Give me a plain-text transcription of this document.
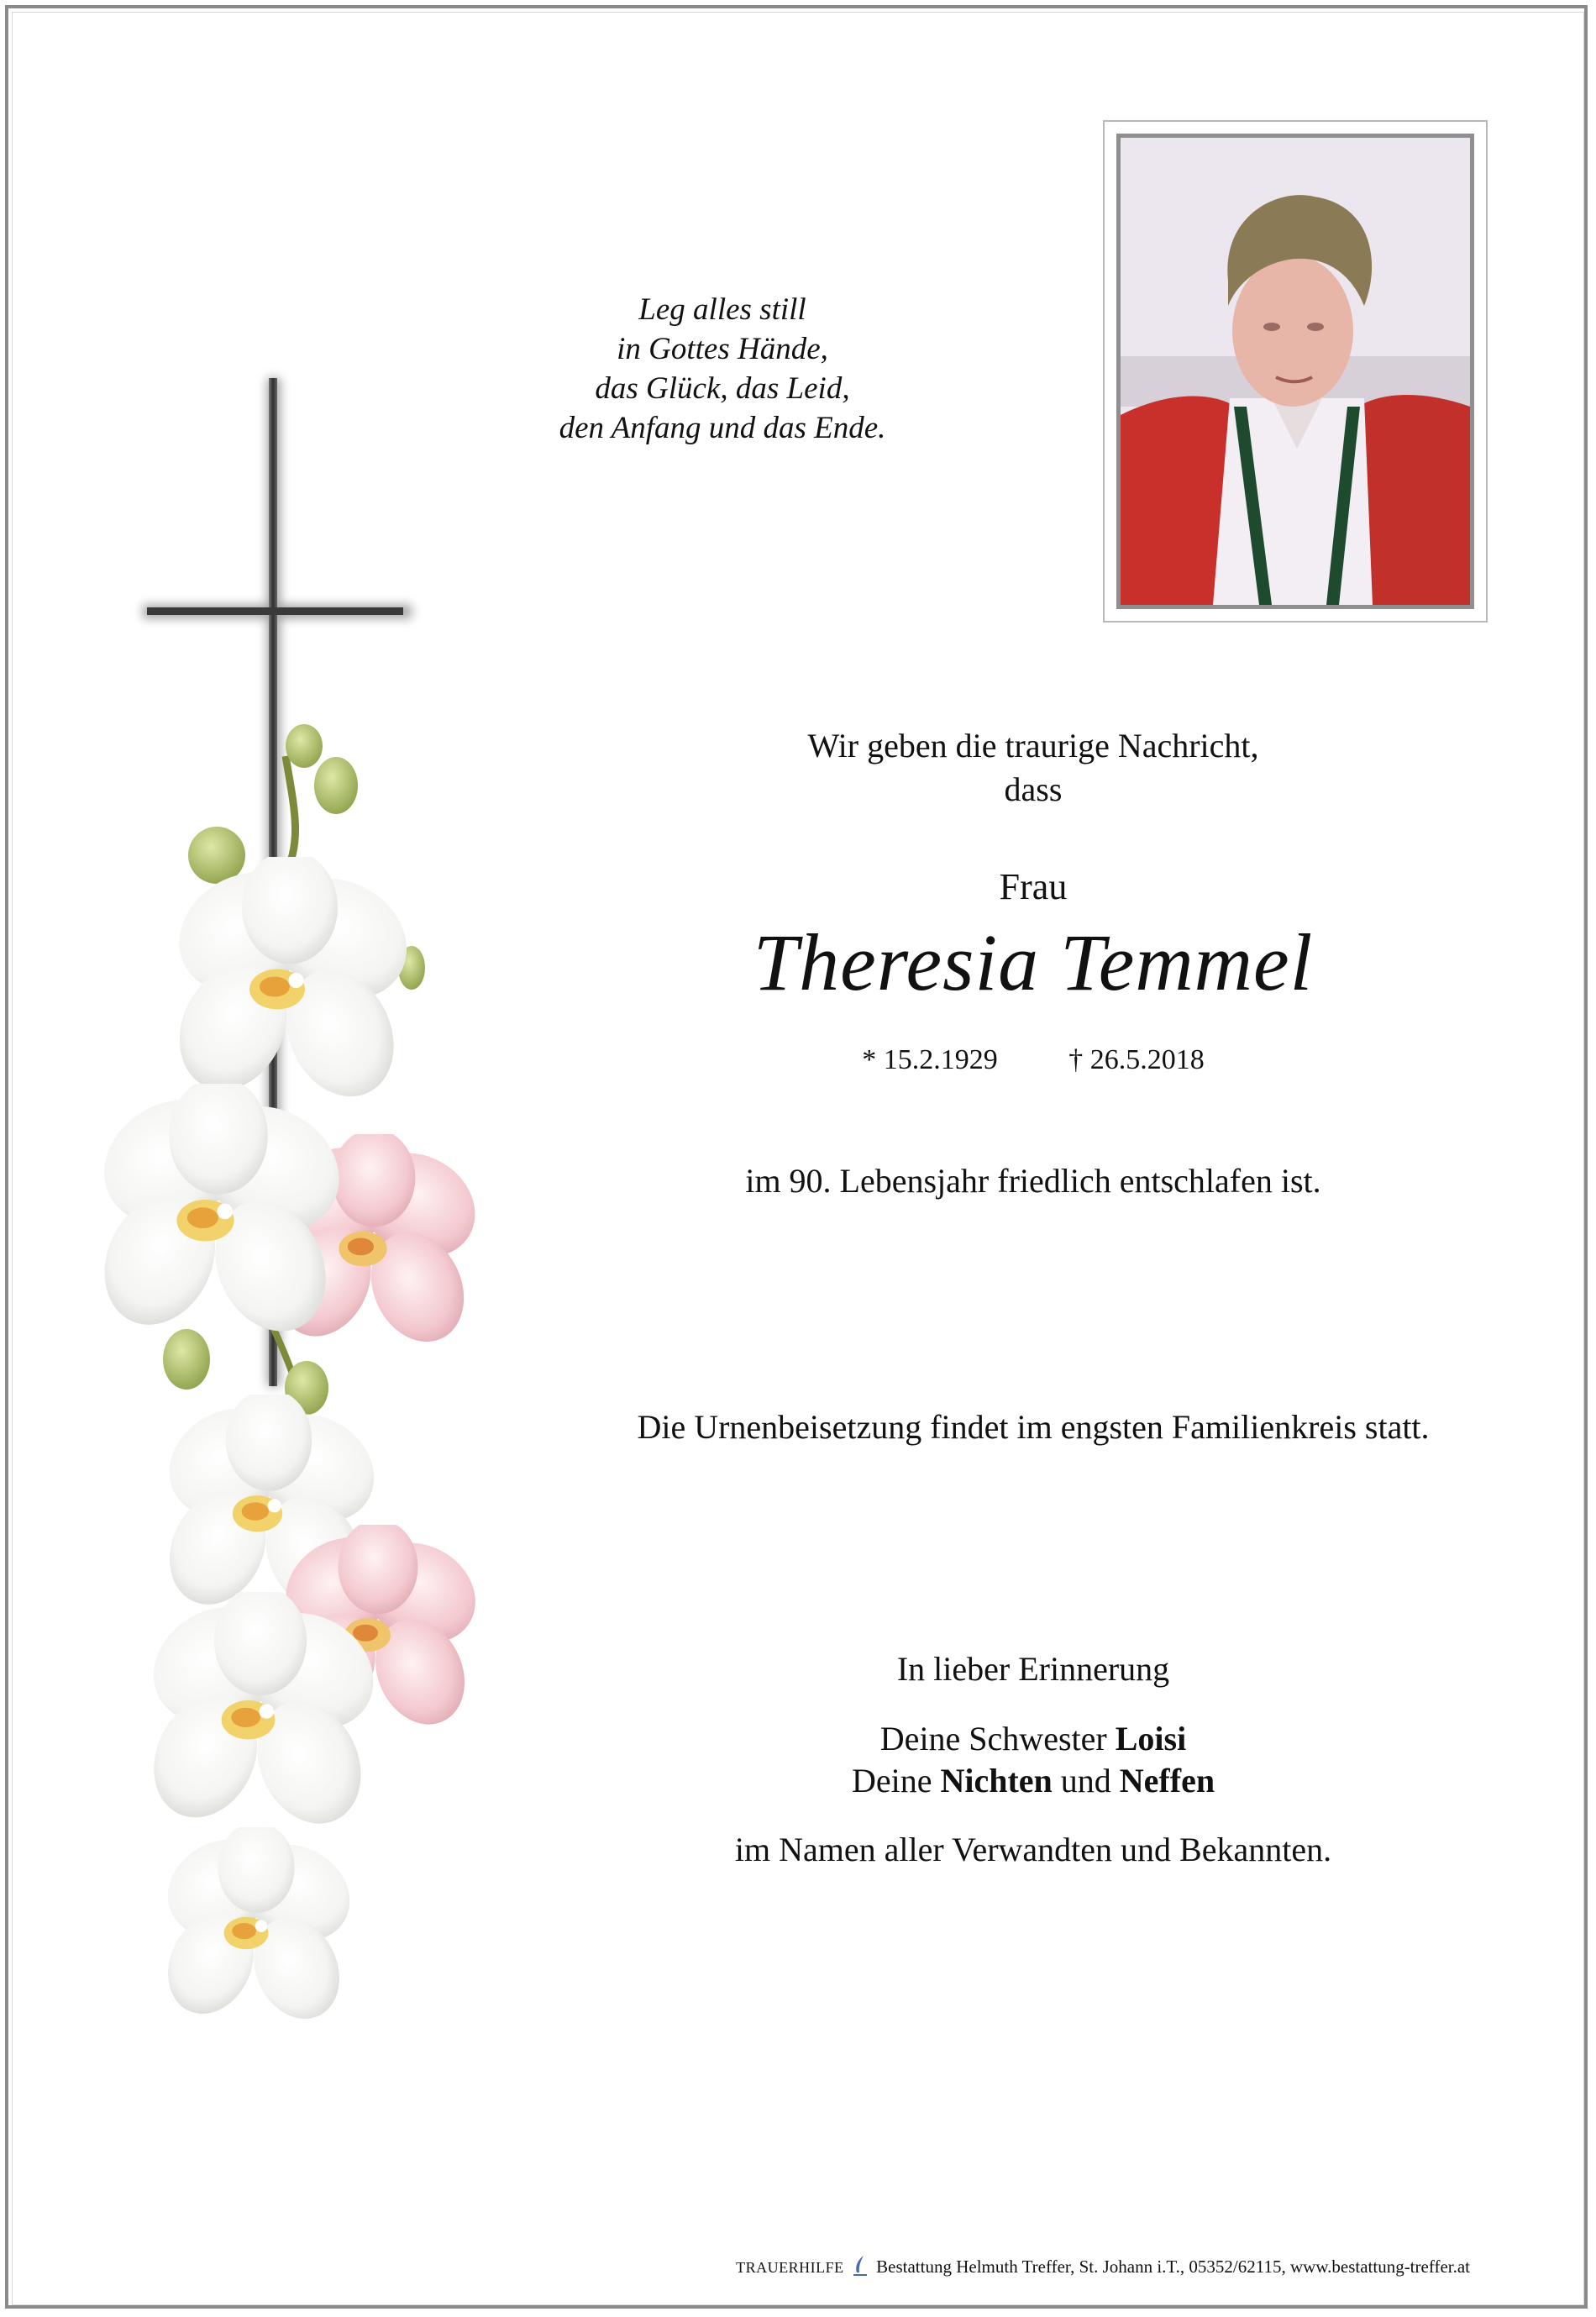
Leg alles still
in Gottes Hände,
das Glück, das Leid,
den Anfang und das Ende.
Wir geben die traurige Nachricht,
dass
Frau
Theresia Temmel
* 15.2.1929 † 26.5.2018
im 90. Lebensjahr friedlich entschlafen ist.
Die Urnenbeisetzung findet im engsten Familienkreis statt.
In lieber Erinnerung
Deine Schwester Loisi
Deine Nichten und Neffen
im Namen aller Verwandten und Bekannten.
TRAUERHILFE Bestattung Helmuth Treffer, St. Johann i.T., 05352/62115, www.bestattung-treffer.at
